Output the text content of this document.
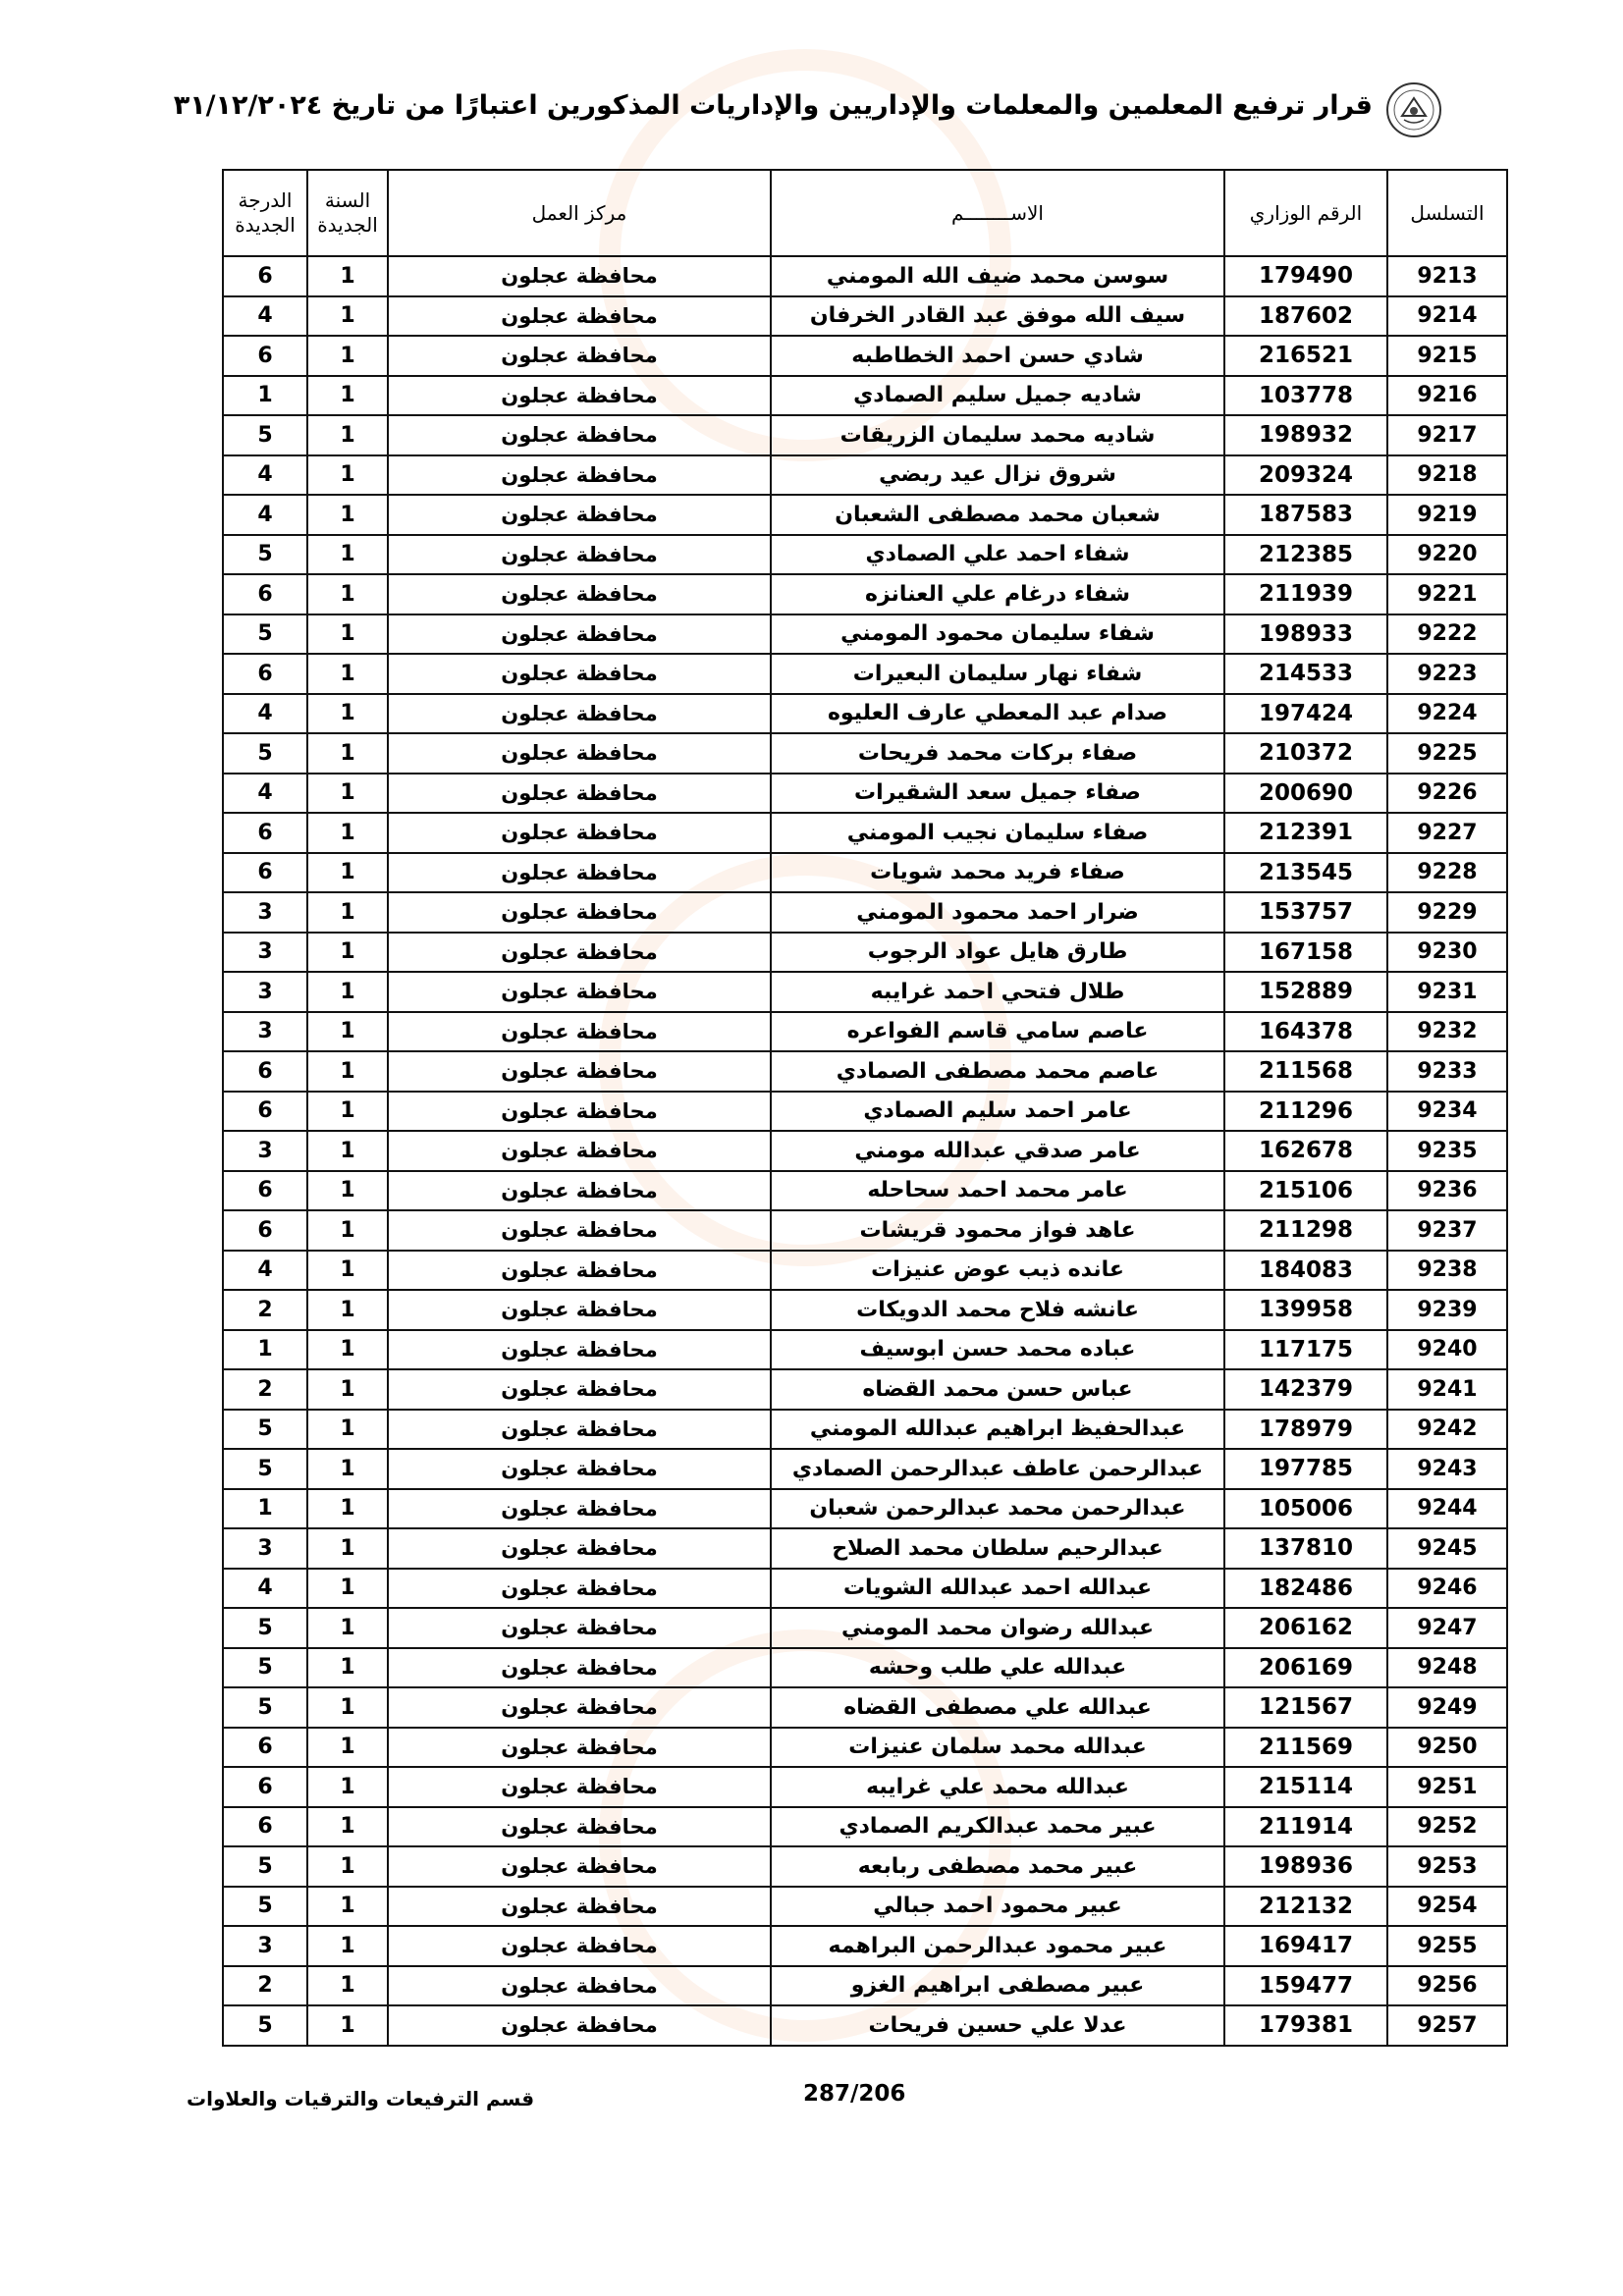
قرار ترفيع المعلمين والمعلمات والإداريين والإداريات المذكورين اعتبارًا من تاريخ ٣١/١٢/٢٠٢٤
التسلسل	الرقم الوزاري	الاســــــــم	مركز العمل	السنة الجديدة	الدرجة الجديدة
9213	179490	سوسن محمد ضيف الله المومني	محافظة عجلون	1	6
9214	187602	سيف الله موفق عبد القادر الخرفان	محافظة عجلون	1	4
9215	216521	شادي حسن احمد الخطاطبه	محافظة عجلون	1	6
9216	103778	شاديه جميل سليم الصمادي	محافظة عجلون	1	1
9217	198932	شاديه محمد سليمان الزريقات	محافظة عجلون	1	5
9218	209324	شروق نزال عيد ربضي	محافظة عجلون	1	4
9219	187583	شعبان محمد مصطفى الشعبان	محافظة عجلون	1	4
9220	212385	شفاء احمد علي الصمادي	محافظة عجلون	1	5
9221	211939	شفاء درغام علي العنانزه	محافظة عجلون	1	6
9222	198933	شفاء سليمان محمود المومني	محافظة عجلون	1	5
9223	214533	شفاء نهار سليمان البعيرات	محافظة عجلون	1	6
9224	197424	صدام عبد المعطي عارف العليوه	محافظة عجلون	1	4
9225	210372	صفاء بركات محمد فريحات	محافظة عجلون	1	5
9226	200690	صفاء جميل سعد الشقيرات	محافظة عجلون	1	4
9227	212391	صفاء سليمان نجيب المومني	محافظة عجلون	1	6
9228	213545	صفاء فريد محمد شويات	محافظة عجلون	1	6
9229	153757	ضرار احمد محمود المومني	محافظة عجلون	1	3
9230	167158	طارق هايل عواد الرجوب	محافظة عجلون	1	3
9231	152889	طلال فتحي احمد غرايبه	محافظة عجلون	1	3
9232	164378	عاصم سامي قاسم الفواعره	محافظة عجلون	1	3
9233	211568	عاصم محمد مصطفى الصمادي	محافظة عجلون	1	6
9234	211296	عامر احمد سليم الصمادي	محافظة عجلون	1	6
9235	162678	عامر صدقي عبدالله مومني	محافظة عجلون	1	3
9236	215106	عامر محمد احمد سحاحله	محافظة عجلون	1	6
9237	211298	عاهد فواز محمود قريشات	محافظة عجلون	1	6
9238	184083	عانده ذيب عوض عنيزات	محافظة عجلون	1	4
9239	139958	عانشه فلاح محمد الدويكات	محافظة عجلون	1	2
9240	117175	عباده محمد حسن ابوسيف	محافظة عجلون	1	1
9241	142379	عباس حسن محمد القضاه	محافظة عجلون	1	2
9242	178979	عبدالحفيظ ابراهيم عبدالله المومني	محافظة عجلون	1	5
9243	197785	عبدالرحمن عاطف عبدالرحمن الصمادي	محافظة عجلون	1	5
9244	105006	عبدالرحمن محمد عبدالرحمن شعبان	محافظة عجلون	1	1
9245	137810	عبدالرحيم سلطان محمد الصلاح	محافظة عجلون	1	3
9246	182486	عبدالله احمد عبدالله الشويات	محافظة عجلون	1	4
9247	206162	عبدالله رضوان محمد المومني	محافظة عجلون	1	5
9248	206169	عبدالله علي طلب وحشه	محافظة عجلون	1	5
9249	121567	عبدالله علي مصطفى القضاه	محافظة عجلون	1	5
9250	211569	عبدالله محمد سلمان عنيزات	محافظة عجلون	1	6
9251	215114	عبدالله محمد علي غرايبه	محافظة عجلون	1	6
9252	211914	عبير محمد عبدالكريم الصمادي	محافظة عجلون	1	6
9253	198936	عبير محمد مصطفى ربابعه	محافظة عجلون	1	5
9254	212132	عبير محمود احمد جبالي	محافظة عجلون	1	5
9255	169417	عبير محمود عبدالرحمن البراهمه	محافظة عجلون	1	3
9256	159477	عبير مصطفى ابراهيم الغزو	محافظة عجلون	1	2
9257	179381	عدلا علي حسين فريحات	محافظة عجلون	1	5
287/206
قسم الترفيعات والترقيات والعلاوات
